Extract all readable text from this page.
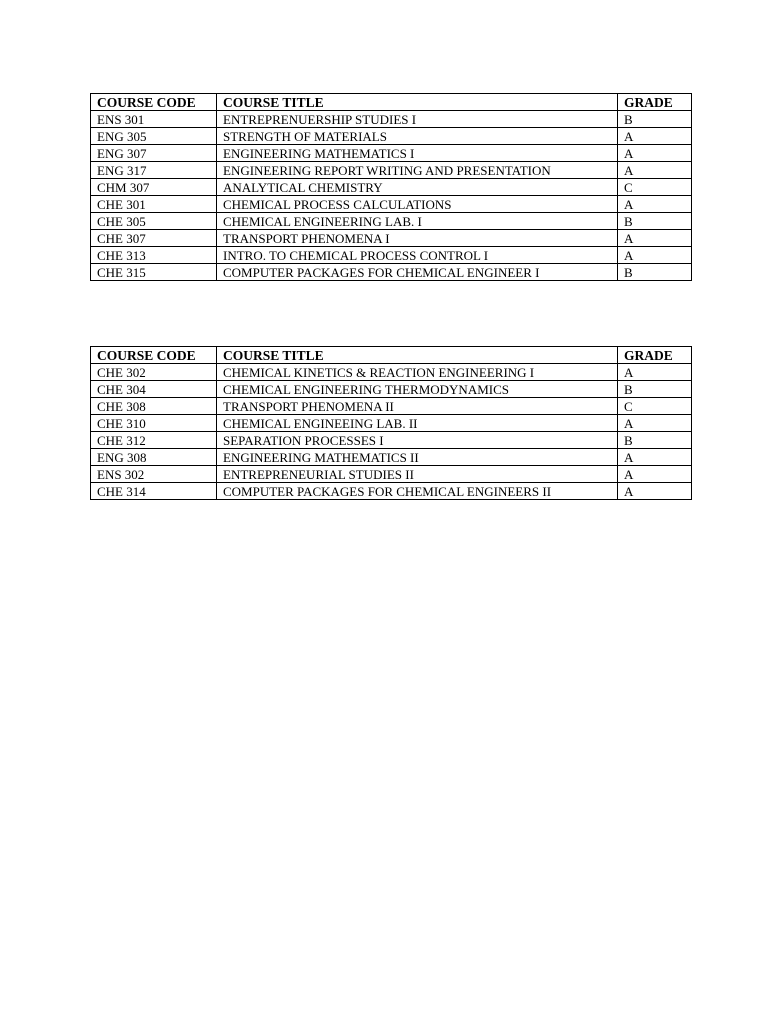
COURSE CODE	COURSE TITLE	GRADE
ENS 301	ENTREPRENUERSHIP STUDIES I	B
ENG 305	STRENGTH OF MATERIALS	A
ENG 307	ENGINEERING MATHEMATICS I	A
ENG 317	ENGINEERING REPORT WRITING AND PRESENTATION	A
CHM 307	ANALYTICAL CHEMISTRY	C
CHE 301	CHEMICAL PROCESS CALCULATIONS	A
CHE 305	CHEMICAL ENGINEERING LAB. I	B
CHE 307	TRANSPORT PHENOMENA I	A
CHE 313	INTRO. TO CHEMICAL PROCESS CONTROL I	A
CHE 315	COMPUTER PACKAGES FOR CHEMICAL ENGINEER I	B
COURSE CODE	COURSE TITLE	GRADE
CHE 302	CHEMICAL KINETICS & REACTION ENGINEERING I	A
CHE 304	CHEMICAL ENGINEERING THERMODYNAMICS	B
CHE 308	TRANSPORT PHENOMENA II	C
CHE 310	CHEMICAL ENGINEEING LAB. II	A
CHE 312	SEPARATION PROCESSES I	B
ENG 308	ENGINEERING MATHEMATICS II	A
ENS 302	ENTREPRENEURIAL STUDIES II	A
CHE 314	COMPUTER PACKAGES FOR CHEMICAL ENGINEERS II	A
